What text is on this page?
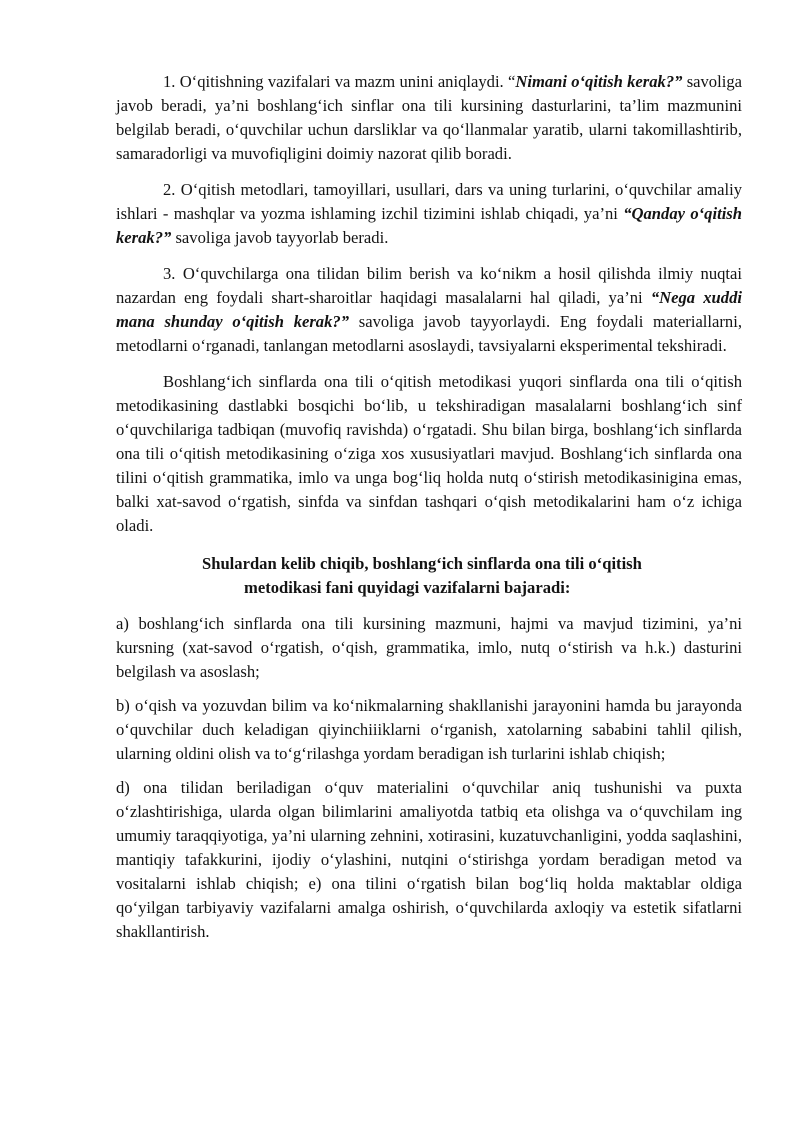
1. Oʻqitishning vazifalari va mazm unini aniqlaydi. “Nimani oʻqitish kerak?” savoliga javob beradi, ya’ni boshlangʻich sinflar ona tili kursining dasturlarini, ta’lim mazmunini belgilab beradi, oʻquvchilar uchun darsliklar va qoʻllanmalar yaratib, ularni takomillashtirib, samaradorligi va muvofiqligini doimiy nazorat qilib boradi.

2. Oʻqitish metodlari, tamoyillari, usullari, dars va uning turlarini, oʻquvchilar amaliy ishlari - mashqlar va yozma ishlaming izchil tizimini ishlab chiqadi, ya’ni “Qanday oʻqitish kerak?” savoliga javob tayyorlab beradi.

3. Oʻquvchilarga ona tilidan bilim berish va koʻnikm a hosil qilishda ilmiy nuqtai nazardan eng foydali shart-sharoitlar haqidagi masalalarni hal qiladi, ya’ni “Nega xuddi mana shunday oʻqitish kerak?” savoliga javob tayyorlaydi. Eng foydali materiallarni, metodlarni oʻrganadi, tanlangan metodlarni asoslaydi, tavsiyalarni eksperimental tekshiradi.

Boshlangʻich sinflarda ona tili oʻqitish metodikasi yuqori sinflarda ona tili oʻqitish metodikasining dastlabki bosqichi boʻlib, u tekshiradigan masalalarni boshlangʻich sinf oʻquvchilariga tadbiqan (muvofiq ravishda) oʻrgatadi. Shu bilan birga, boshlangʻich sinflarda ona tili oʻqitish metodikasining oʻziga xos xususiyatlari mavjud. Boshlangʻich sinflarda ona tilini oʻqitish grammatika, imlo va unga bogʻliq holda nutq oʻstirish metodikasinigina emas, balki xat-savod oʻrgatish, sinfda va sinfdan tashqari oʻqish metodikalarini ham oʻz ichiga oladi.

Shulardan kelib chiqib, boshlangʻich sinflarda ona tili oʻqitish
metodikasi fani quyidagi vazifalarni bajaradi:

a) boshlangʻich sinflarda ona tili kursining mazmuni, hajmi va mavjud tizimini, ya’ni kursning (xat-savod oʻrgatish, oʻqish, grammatika, imlo, nutq oʻstirish va h.k.) dasturini belgilash va asoslash;

b) oʻqish va yozuvdan bilim va koʻnikmalarning shakllanishi jarayonini hamda bu jarayonda oʻquvchilar duch keladigan qiyinchiiiklarni oʻrganish, xatolarning sababini tahlil qilish, ularning oldini olish va toʻgʻrilashga yordam beradigan ish turlarini ishlab chiqish;

d) ona tilidan beriladigan oʻquv materialini oʻquvchilar aniq tushunishi va puxta oʻzlashtirishiga, ularda olgan bilimlarini amaliyotda tatbiq eta olishga va oʻquvchilam ing umumiy taraqqiyotiga, ya’ni ularning zehnini, xotirasini, kuzatuvchanligini, yodda saqlashini, mantiqiy tafakkurini, ijodiy oʻylashini, nutqini oʻstirishga yordam beradigan metod va vositalarni ishlab chiqish; e) ona tilini oʻrgatish bilan bogʻliq holda maktablar oldiga qoʻyilgan tarbiyaviy vazifalarni amalga oshirish, oʻquvchilarda axloqiy va estetik sifatlarni shakllantirish.
